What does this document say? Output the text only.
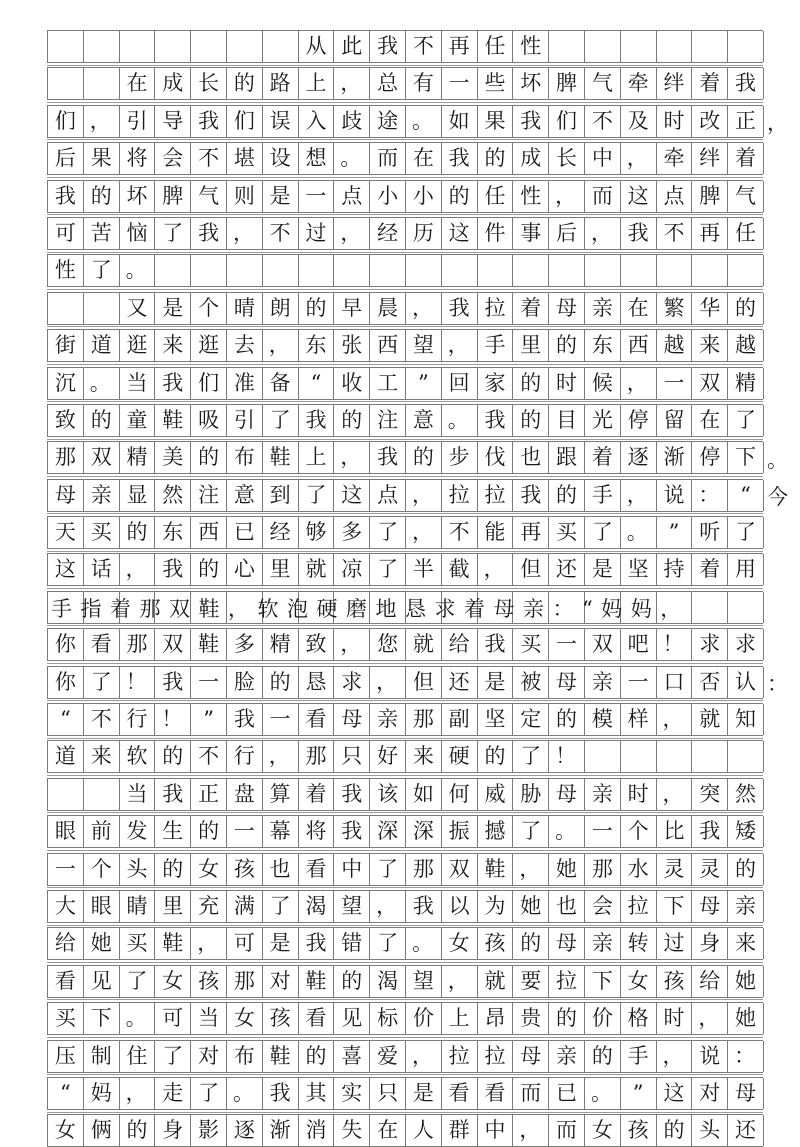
从 此 我 不 再 任 性
在 成 长 的 路 上 ， 总 有 一 些 坏 脾 气 牵 绊 着 我
们 ， 引 导 我 们 误 入 歧 途 。 如 果 我 们 不 及 时 改 正 ，
后 果 将 会 不 堪 设 想 。 而 在 我 的 成 长 中 ， 牵 绊 着
我 的 坏 脾 气 则 是 一 点 小 小 的 任 性 ， 而 这 点 脾 气
可 苦 恼 了 我 ， 不 过 ， 经 历 这 件 事 后 ， 我 不 再 任
性 了 。
又 是 个 晴 朗 的 早 晨 ， 我 拉 着 母 亲 在 繁 华 的
街 道 逛 来 逛 去 ， 东 张 西 望 ， 手 里 的 东 西 越 来 越
沉 。 当 我 们 准 备 “ 收 工 ” 回 家 的 时 候 ， 一 双 精
致 的 童 鞋 吸 引 了 我 的 注 意 。 我 的 目 光 停 留 在 了
那 双 精 美 的 布 鞋 上 ， 我 的 步 伐 也 跟 着 逐 渐 停 下 。
母 亲 显 然 注 意 到 了 这 点 ， 拉 拉 我 的 手 ， 说 ： “ 今
天 买 的 东 西 已 经 够 多 了 ， 不 能 再 买 了 。 ” 听 了
这 话 ， 我 的 心 里 就 凉 了 半 截 ， 但 还 是 坚 持 着 用
手指着那双鞋，软泡硬磨地恳求着母亲：“妈妈，
你 看 那 双 鞋 多 精 致 ， 您 就 给 我 买 一 双 吧 ！ 求 求
你 了 ！ 我 一 脸 的 恳 求 ， 但 还 是 被 母 亲 一 口 否 认 ：
“ 不 行 ！ ” 我 一 看 母 亲 那 副 坚 定 的 模 样 ， 就 知
道 来 软 的 不 行 ， 那 只 好 来 硬 的 了 ！
当 我 正 盘 算 着 我 该 如 何 威 胁 母 亲 时 ， 突 然
眼 前 发 生 的 一 幕 将 我 深 深 振 撼 了 。 一 个 比 我 矮
一 个 头 的 女 孩 也 看 中 了 那 双 鞋 ， 她 那 水 灵 灵 的
大 眼 睛 里 充 满 了 渴 望 ， 我 以 为 她 也 会 拉 下 母 亲
给 她 买 鞋 ， 可 是 我 错 了 。 女 孩 的 母 亲 转 过 身 来
看 见 了 女 孩 那 对 鞋 的 渴 望 ， 就 要 拉 下 女 孩 给 她
买 下 。 可 当 女 孩 看 见 标 价 上 昂 贵 的 价 格 时 ， 她
压 制 住 了 对 布 鞋 的 喜 爱 ， 拉 拉 母 亲 的 手 ， 说 ：
“ 妈 ， 走 了 。 我 其 实 只 是 看 看 而 已 。 ” 这 对 母
女 俩 的 身 影 逐 渐 消 失 在 人 群 中 ， 而 女 孩 的 头 还
